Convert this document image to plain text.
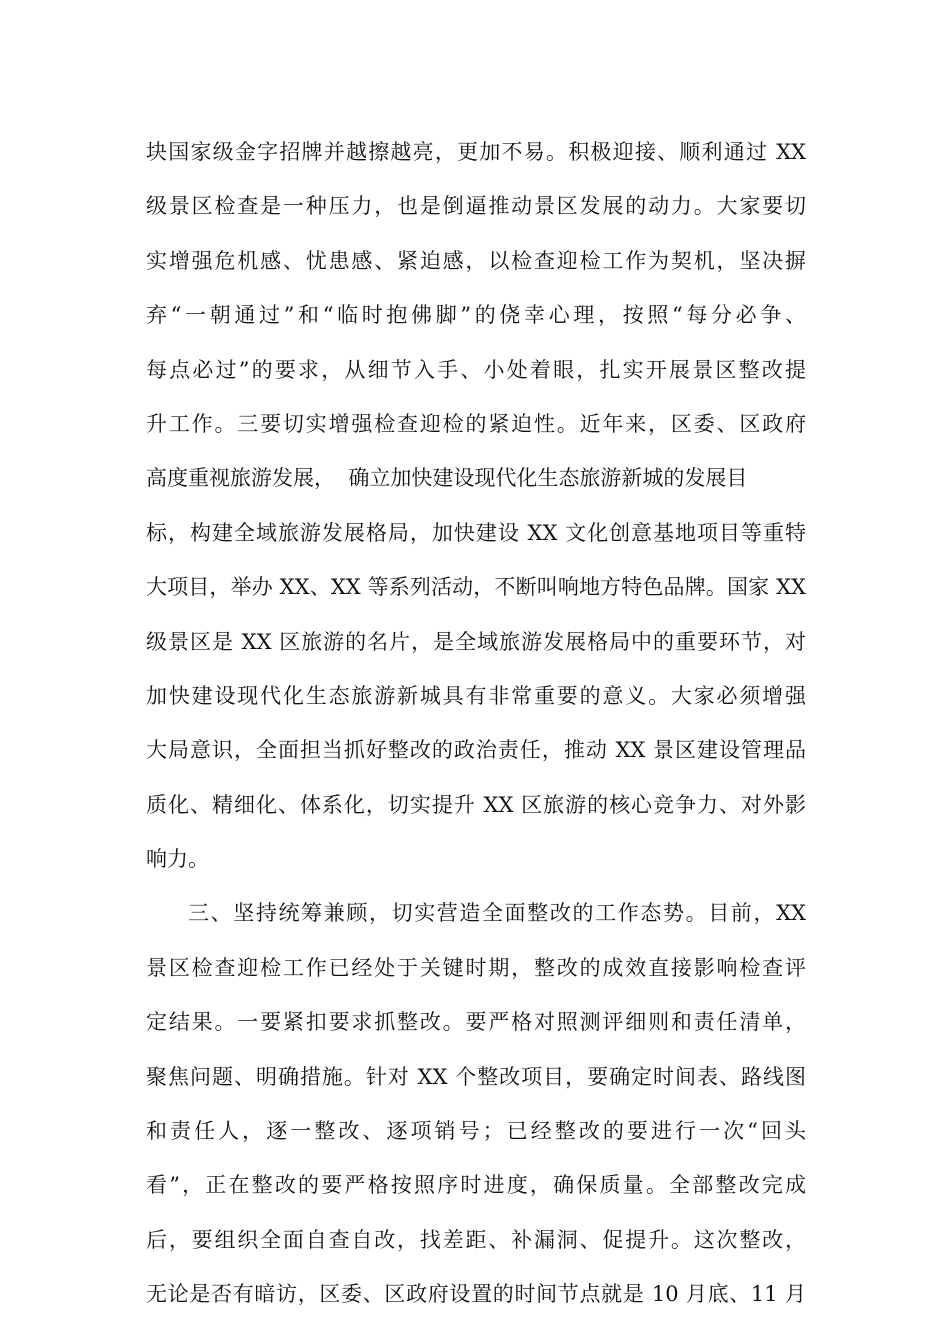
块国家级金字招牌并越擦越亮，更加不易。积极迎接、顺利通过 XX
级景区检查是一种压力，也是倒逼推动景区发展的动力。大家要切
实增强危机感、忧患感、紧迫感，以检查迎检工作为契机，坚决摒
弃“一朝通过”和“临时抱佛脚”的侥幸心理，按照“每分必争、
每点必过”的要求，从细节入手、小处着眼，扎实开展景区整改提
升工作。三要切实增强检查迎检的紧迫性。近年来，区委、区政府
高度重视旅游发展，  确立加快建设现代化生态旅游新城的发展目
标，构建全域旅游发展格局，加快建设 XX 文化创意基地项目等重特
大项目，举办 XX、XX 等系列活动，不断叫响地方特色品牌。国家 XX
级景区是 XX 区旅游的名片，是全域旅游发展格局中的重要环节，对
加快建设现代化生态旅游新城具有非常重要的意义。大家必须增强
大局意识，全面担当抓好整改的政治责任，推动 XX 景区建设管理品
质化、精细化、体系化，切实提升 XX 区旅游的核心竞争力、对外影
响力。
三、坚持统筹兼顾，切实营造全面整改的工作态势。目前，XX
景区检查迎检工作已经处于关键时期，整改的成效直接影响检查评
定结果。一要紧扣要求抓整改。要严格对照测评细则和责任清单，
聚焦问题、明确措施。针对 XX 个整改项目，要确定时间表、路线图
和责任人，逐一整改、逐项销号；已经整改的要进行一次“回头
看”，正在整改的要严格按照序时进度，确保质量。全部整改完成
后，要组织全面自查自改，找差距、补漏洞、促提升。这次整改，
无论是否有暗访，区委、区政府设置的时间节点就是 10 月底、11 月
